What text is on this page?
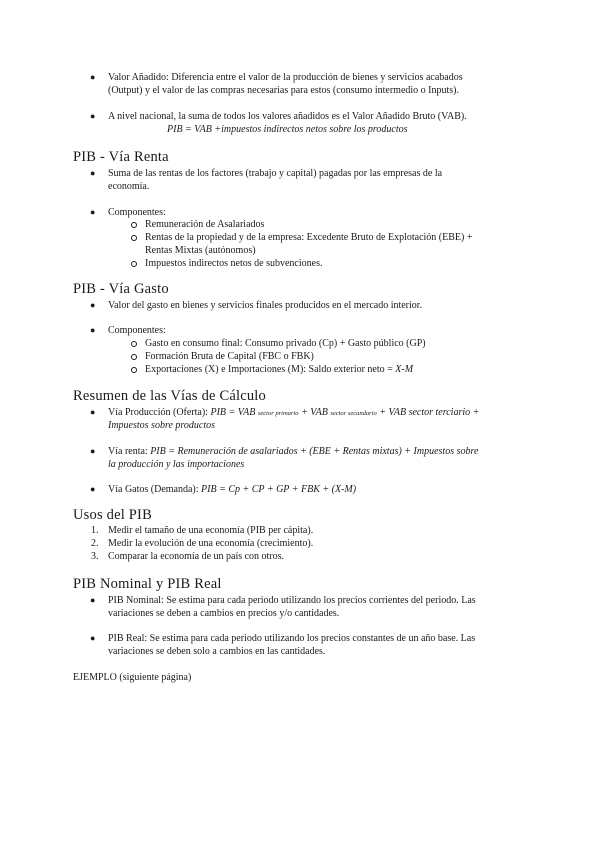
● Valor Añadido: Diferencia entre el valor de la producción de bienes y servicios acabados
(Output) y el valor de las compras necesarias para estos (consumo intermedio o Inputs).
● A nivel nacional, la suma de todos los valores añadidos es el Valor Añadido Bruto (VAB).
PIB = VAB +impuestos indirectos netos sobre los productos
PIB - Vía Renta
● Suma de las rentas de los factores (trabajo y capital) pagadas por las empresas de la
economía.
● Componentes:
Remuneración de Asalariados
Rentas de la propiedad y de la empresa: Excedente Bruto de Explotación (EBE) +
Rentas Mixtas (autónomos)
Impuestos indirectos netos de subvenciones.
PIB - Vía Gasto
● Valor del gasto en bienes y servicios finales producidos en el mercado interior.
● Componentes:
Gasto en consumo final: Consumo privado (Cp) + Gasto público (GP)
Formación Bruta de Capital (FBC o FBK)
Exportaciones (X) e Importaciones (M): Saldo exterior neto = X-M
Resumen de las Vías de Cálculo
● Vía Producción (Oferta): PIB = VAB sector primario + VAB sector secundario + VAB sector terciario +
Impuestos sobre productos
● Vía renta: PIB = Remuneración de asalariados + (EBE + Rentas mixtas) + Impuestos sobre
la producción y las importaciones
● Vía Gatos (Demanda): PIB = Cp + CP + GP + FBK + (X-M)
Usos del PIB
1. Medir el tamaño de una economía (PIB per cápita).
2. Medir la evolución de una economía (crecimiento).
3. Comparar la economía de un país con otros.
PIB Nominal y PIB Real
● PIB Nominal: Se estima para cada periodo utilizando los precios corrientes del periodo. Las
variaciones se deben a cambios en precios y/o cantidades.
● PIB Real: Se estima para cada periodo utilizando los precios constantes de un año base. Las
variaciones se deben solo a cambios en las cantidades.
EJEMPLO (siguiente página)
